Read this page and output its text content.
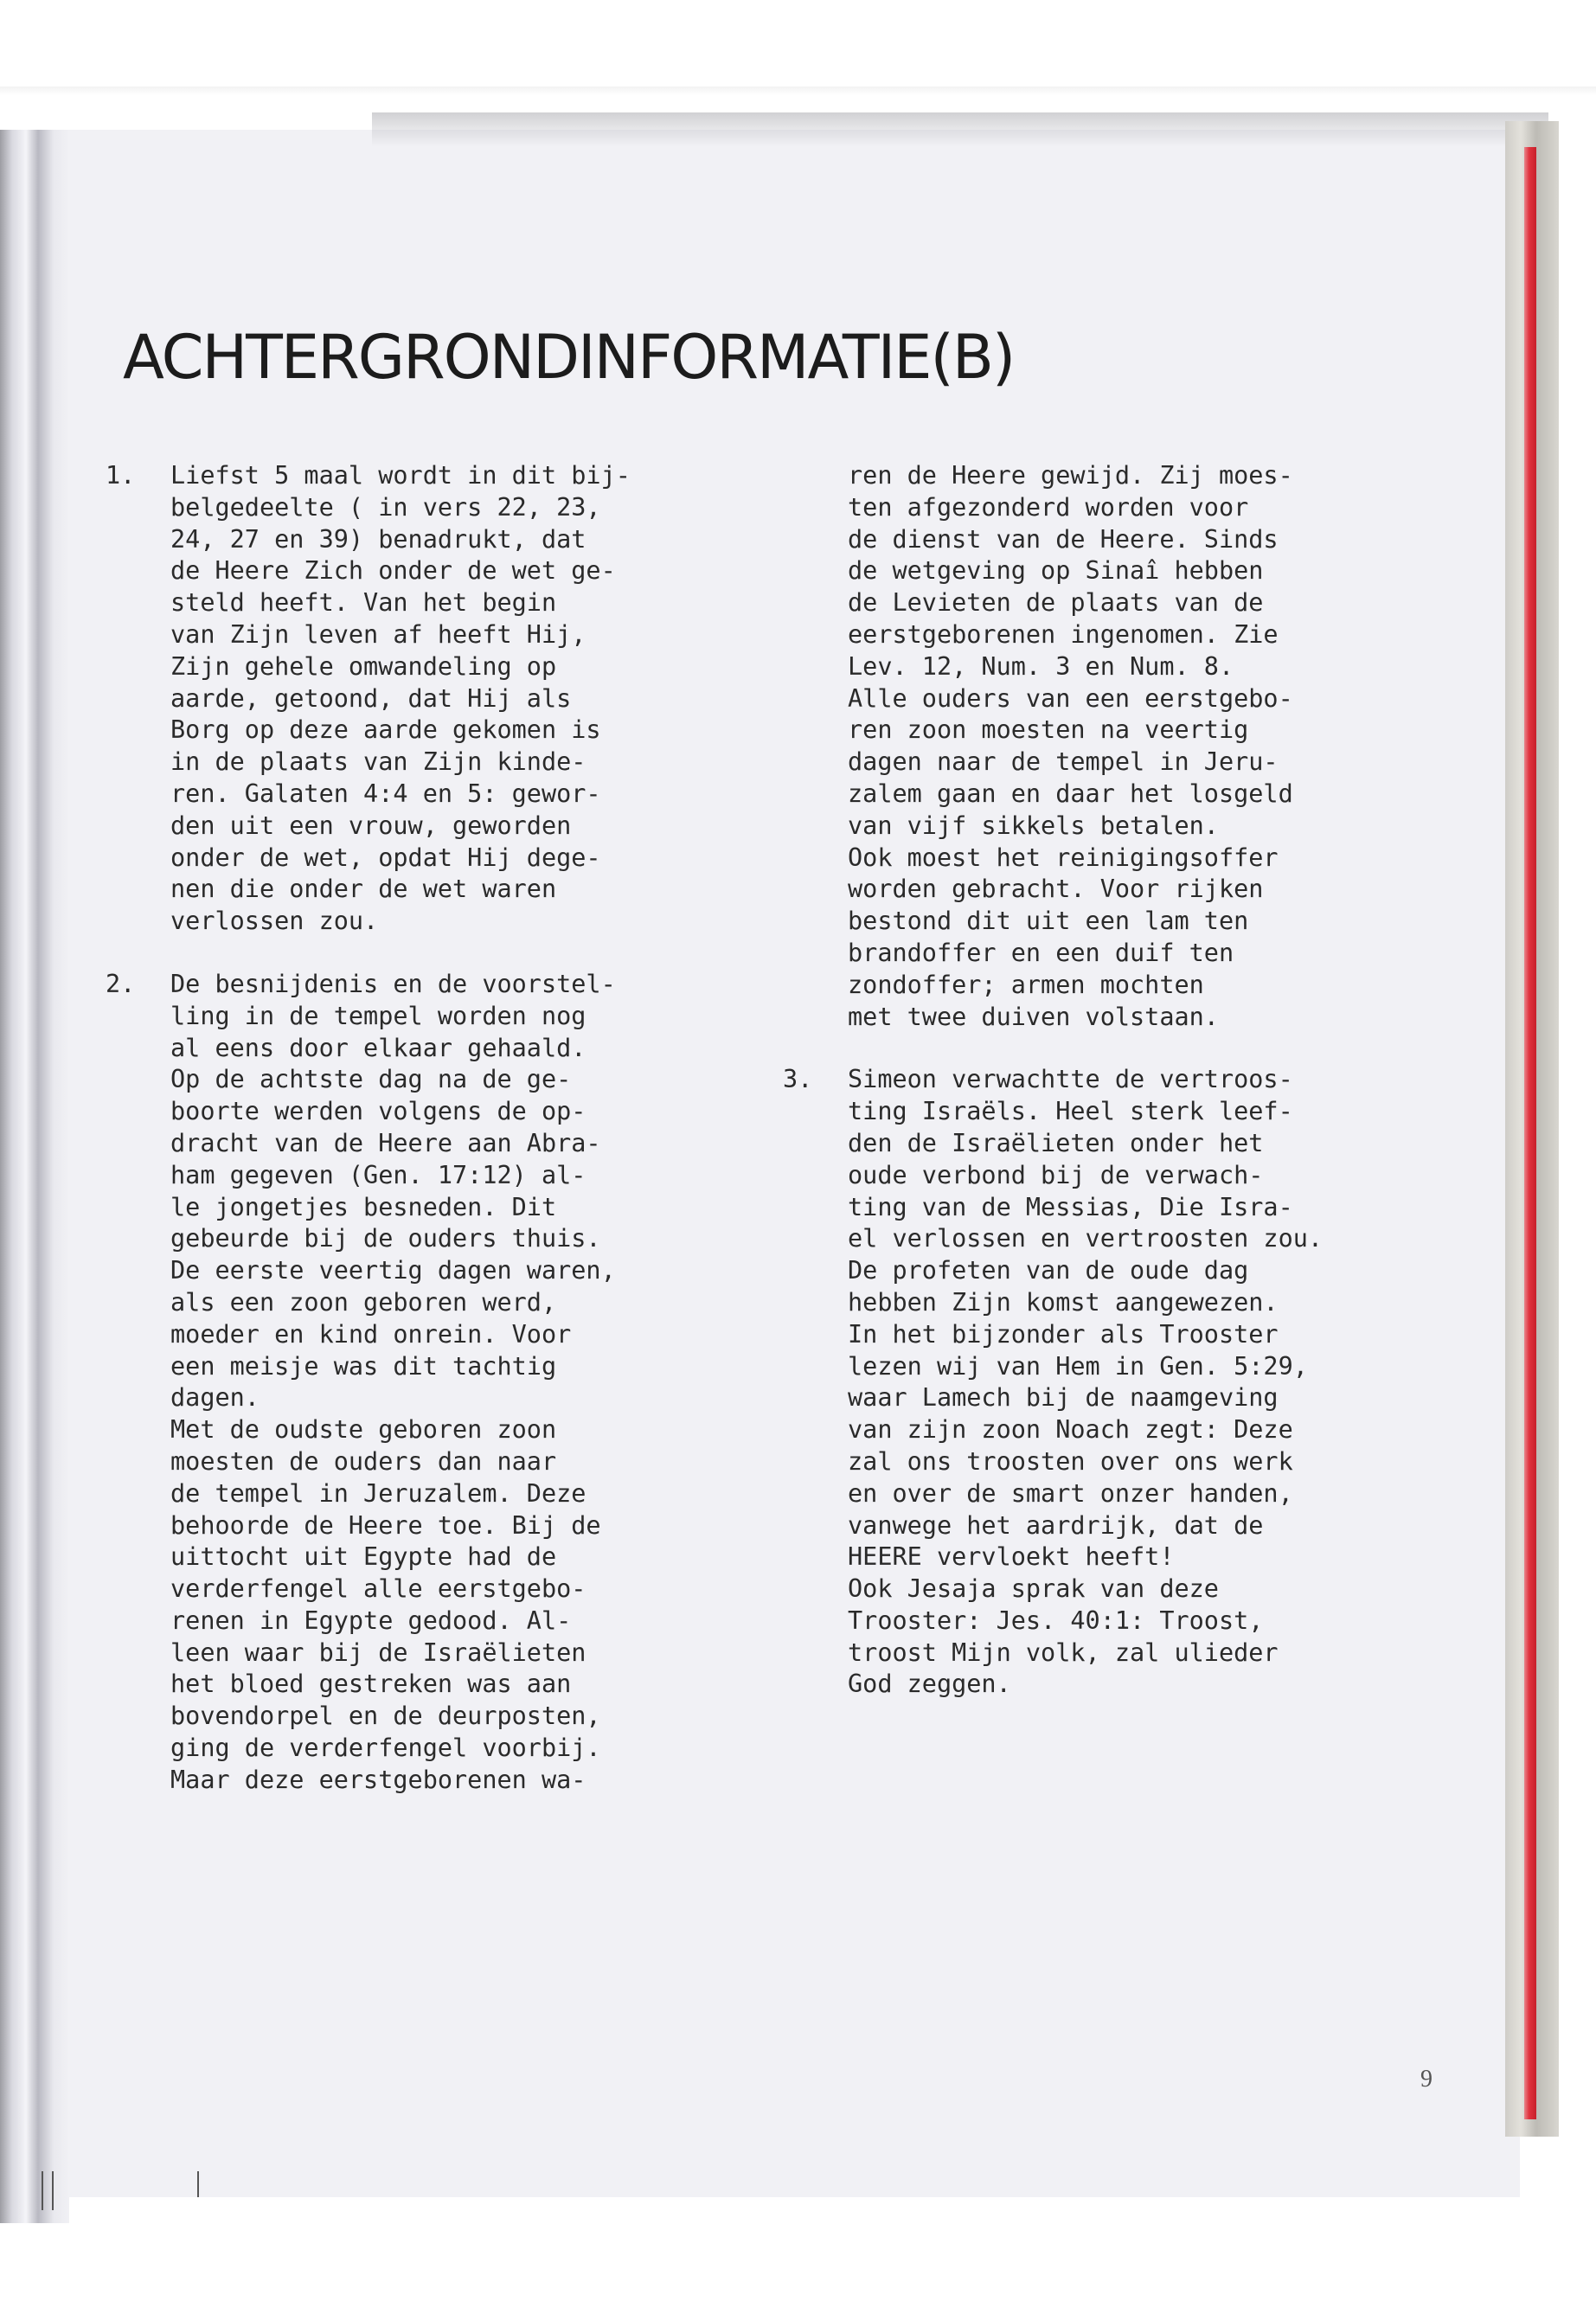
ACHTERGRONDINFORMATIE(B)
1.	Liefst 5 maal wordt in dit bij-
belgedeelte ( in vers 22, 23,
24, 27 en 39) benadrukt, dat
de Heere Zich onder de wet ge-
steld heeft. Van het begin
van Zijn leven af heeft Hij,
Zijn gehele omwandeling op
aarde, getoond, dat Hij als
Borg op deze aarde gekomen is
in de plaats van Zijn kinde-
ren. Galaten 4:4 en 5: gewor-
den uit een vrouw, geworden
onder de wet, opdat Hij dege-
nen die onder de wet waren
verlossen zou.
2.	De besnijdenis en de voorstel-
ling in de tempel worden nog
al eens door elkaar gehaald.
Op de achtste dag na de ge-
boorte werden volgens de op-
dracht van de Heere aan Abra-
ham gegeven (Gen. 17:12) al-
le jongetjes besneden. Dit
gebeurde bij de ouders thuis.
De eerste veertig dagen waren,
als een zoon geboren werd,
moeder en kind onrein. Voor
een meisje was dit tachtig
dagen.
Met de oudste geboren zoon
moesten de ouders dan naar
de tempel in Jeruzalem. Deze
behoorde de Heere toe. Bij de
uittocht uit Egypte had de
verderfengel alle eerstgebo-
renen in Egypte gedood. Al-
leen waar bij de Israëlieten
het bloed gestreken was aan
bovendorpel en de deurposten,
ging de verderfengel voorbij.
Maar deze eerstgeborenen wa-
ren de Heere gewijd. Zij moes-
ten afgezonderd worden voor
de dienst van de Heere. Sinds
de wetgeving op Sinaî hebben
de Levieten de plaats van de
eerstgeborenen ingenomen. Zie
Lev. 12, Num. 3 en Num. 8.
Alle ouders van een eerstgebo-
ren zoon moesten na veertig
dagen naar de tempel in Jeru-
zalem gaan en daar het losgeld
van vijf sikkels betalen.
Ook moest het reinigingsoffer
worden gebracht. Voor rijken
bestond dit uit een lam ten
brandoffer en een duif ten
zondoffer; armen mochten
met twee duiven volstaan.
3.	Simeon verwachtte de vertroos-
ting Israëls. Heel sterk leef-
den de Israëlieten onder het
oude verbond bij de verwach-
ting van de Messias, Die Isra-
el verlossen en vertroosten zou.
De profeten van de oude dag
hebben Zijn komst aangewezen.
In het bijzonder als Trooster
lezen wij van Hem in Gen. 5:29,
waar Lamech bij de naamgeving
van zijn zoon Noach zegt: Deze
zal ons troosten over ons werk
en over de smart onzer handen,
vanwege het aardrijk, dat de
HEERE vervloekt heeft!
Ook Jesaja sprak van deze
Trooster: Jes. 40:1: Troost,
troost Mijn volk, zal ulieder
God zeggen.
9
